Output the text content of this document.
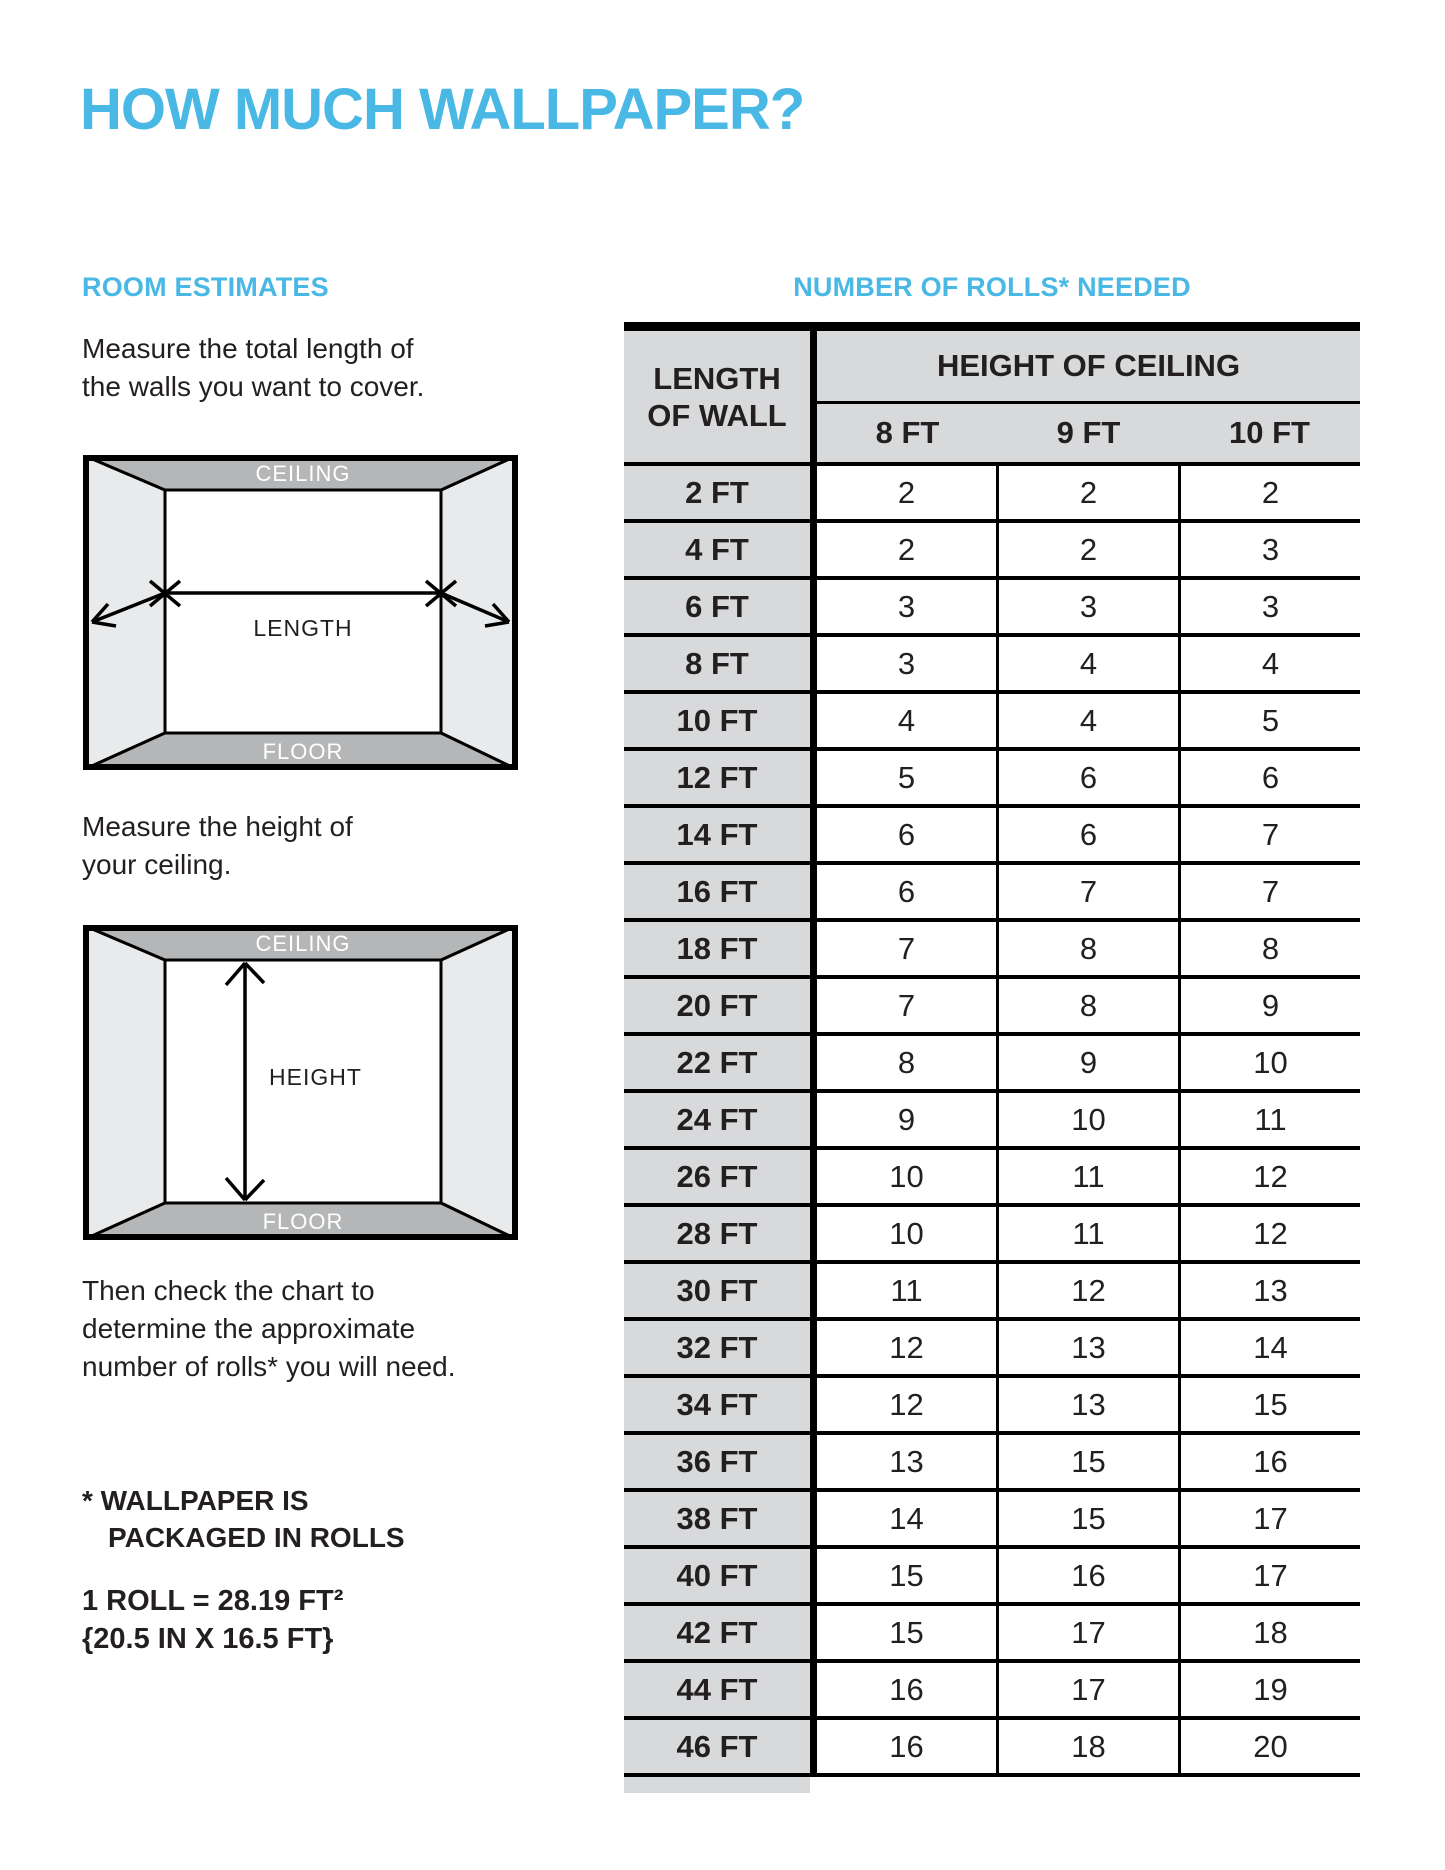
HOW MUCH WALLPAPER?
ROOM ESTIMATES
Measure the total length of
the walls you want to cover.
CEILING
FLOOR
LENGTH
Measure the height of
your ceiling.
CEILING
FLOOR
HEIGHT
Then check the chart to
determine the approximate
number of rolls* you will need.
* WALLPAPER IS
PACKAGED IN ROLLS
1 ROLL = 28.19 FT²
{20.5 IN X 16.5 FT}
NUMBER OF ROLLS* NEEDED
LENGTH
OF WALL
HEIGHT OF CEILING
8 FT	9 FT	10 FT
2 FT	2	2	2
4 FT	2	2	3
6 FT	3	3	3
8 FT	3	4	4
10 FT	4	4	5
12 FT	5	6	6
14 FT	6	6	7
16 FT	6	7	7
18 FT	7	8	8
20 FT	7	8	9
22 FT	8	9	10
24 FT	9	10	11
26 FT	10	11	12
28 FT	10	11	12
30 FT	11	12	13
32 FT	12	13	14
34 FT	12	13	15
36 FT	13	15	16
38 FT	14	15	17
40 FT	15	16	17
42 FT	15	17	18
44 FT	16	17	19
46 FT	16	18	20
